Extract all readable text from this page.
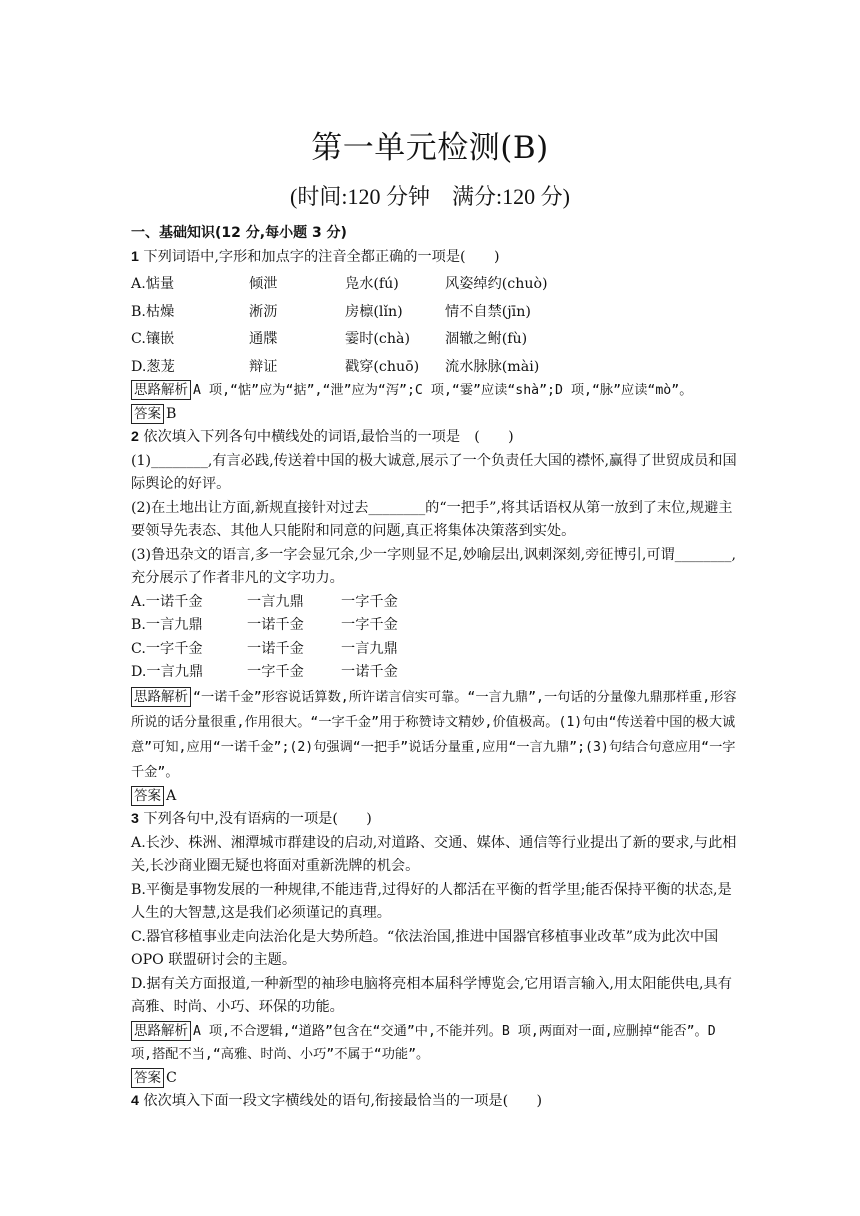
第一单元检测(B)
(时间:120 分钟　满分:120 分)

一、基础知识(12 分,每小题 3 分)

1 下列词语中,字形和加点字的注音全都正确的一项是(　　)

A.惦量	倾泄	凫水(fú)	风姿绰约(chuò)

B.枯燥	淅沥	房檩(lǐn)	情不自禁(jīn)

C.镶嵌	通牒	霎时(chà)	涸辙之鲋(fù)

D.葱茏	辩证	戳穿(chuō)	流水脉脉(mài)

思路解析 A 项,“惦”应为“掂”,“泄”应为“泻”;C 项,“霎”应读“shà”;D 项,“脉”应读“mò”。

答案 B

2 依次填入下列各句中横线处的词语,最恰当的一项是　(　　)

(1)________,有言必践,传送着中国的极大诚意,展示了一个负责任大国的襟怀,赢得了世贸成员和国际舆论的好评。

(2)在土地出让方面,新规直接针对过去________的“一把手”,将其话语权从第一放到了末位,规避主要领导先表态、其他人只能附和同意的问题,真正将集体决策落到实处。

(3)鲁迅杂文的语言,多一字会显冗余,少一字则显不足,妙喻层出,讽刺深刻,旁征博引,可谓________,充分展示了作者非凡的文字功力。

A.一诺千金	一言九鼎	一字千金

B.一言九鼎	一诺千金	一字千金

C.一字千金	一诺千金	一言九鼎

D.一言九鼎	一字千金	一诺千金

思路解析 “一诺千金”形容说话算数,所许诺言信实可靠。“一言九鼎”,一句话的分量像九鼎那样重,形容所说的话分量很重,作用很大。“一字千金”用于称赞诗文精妙,价值极高。(1)句由“传送着中国的极大诚意”可知,应用“一诺千金”;(2)句强调“一把手”说话分量重,应用“一言九鼎”;(3)句结合句意应用“一字千金”。

答案 A

3 下列各句中,没有语病的一项是(　　)

A.长沙、株洲、湘潭城市群建设的启动,对道路、交通、媒体、通信等行业提出了新的要求,与此相关,长沙商业圈无疑也将面对重新洗牌的机会。

B.平衡是事物发展的一种规律,不能违背,过得好的人都活在平衡的哲学里;能否保持平衡的状态,是人生的大智慧,这是我们必须谨记的真理。

C.器官移植事业走向法治化是大势所趋。“依法治国,推进中国器官移植事业改革”成为此次中国 OPO 联盟研讨会的主题。

D.据有关方面报道,一种新型的袖珍电脑将亮相本届科学博览会,它用语言输入,用太阳能供电,具有高雅、时尚、小巧、环保的功能。

思路解析 A 项,不合逻辑,“道路”包含在“交通”中,不能并列。B 项,两面对一面,应删掉“能否”。D 项,搭配不当,“高雅、时尚、小巧”不属于“功能”。

答案 C

4 依次填入下面一段文字横线处的语句,衔接最恰当的一项是(　　)
